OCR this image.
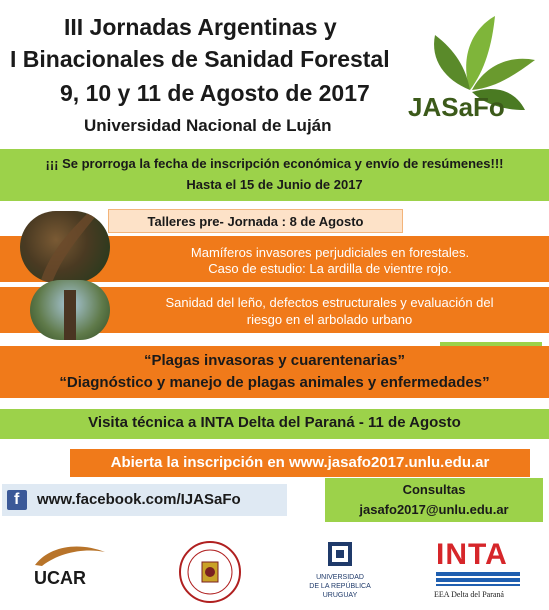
III Jornadas Argentinas y
I Binacionales de Sanidad Forestal
9, 10 y 11 de Agosto de 2017
Universidad Nacional de Luján
JASaFo
¡¡¡ Se prorroga la fecha de inscripción económica y envío de resúmenes!!!
Hasta el 15 de Junio de 2017
Talleres pre- Jornada : 8 de Agosto
Mamíferos invasores perjudiciales en forestales.
Caso de estudio: La ardilla de vientre rojo.
Sanidad del leño, defectos estructurales y evaluación del
riesgo en el arbolado urbano
“Plagas invasoras y cuarentenarias”
“Diagnóstico y manejo de plagas animales y enfermedades”
Visita técnica a INTA Delta del Paraná - 11 de Agosto
Abierta la inscripción en www.jasafo2017.unlu.edu.ar
f www.facebook.com/IJASaFo
Consultas
jasafo2017@unlu.edu.ar
UCAR	UNIVERSIDAD
DE LA REPÚBLICA
URUGUAY
INTA
EEA Delta del Paraná
